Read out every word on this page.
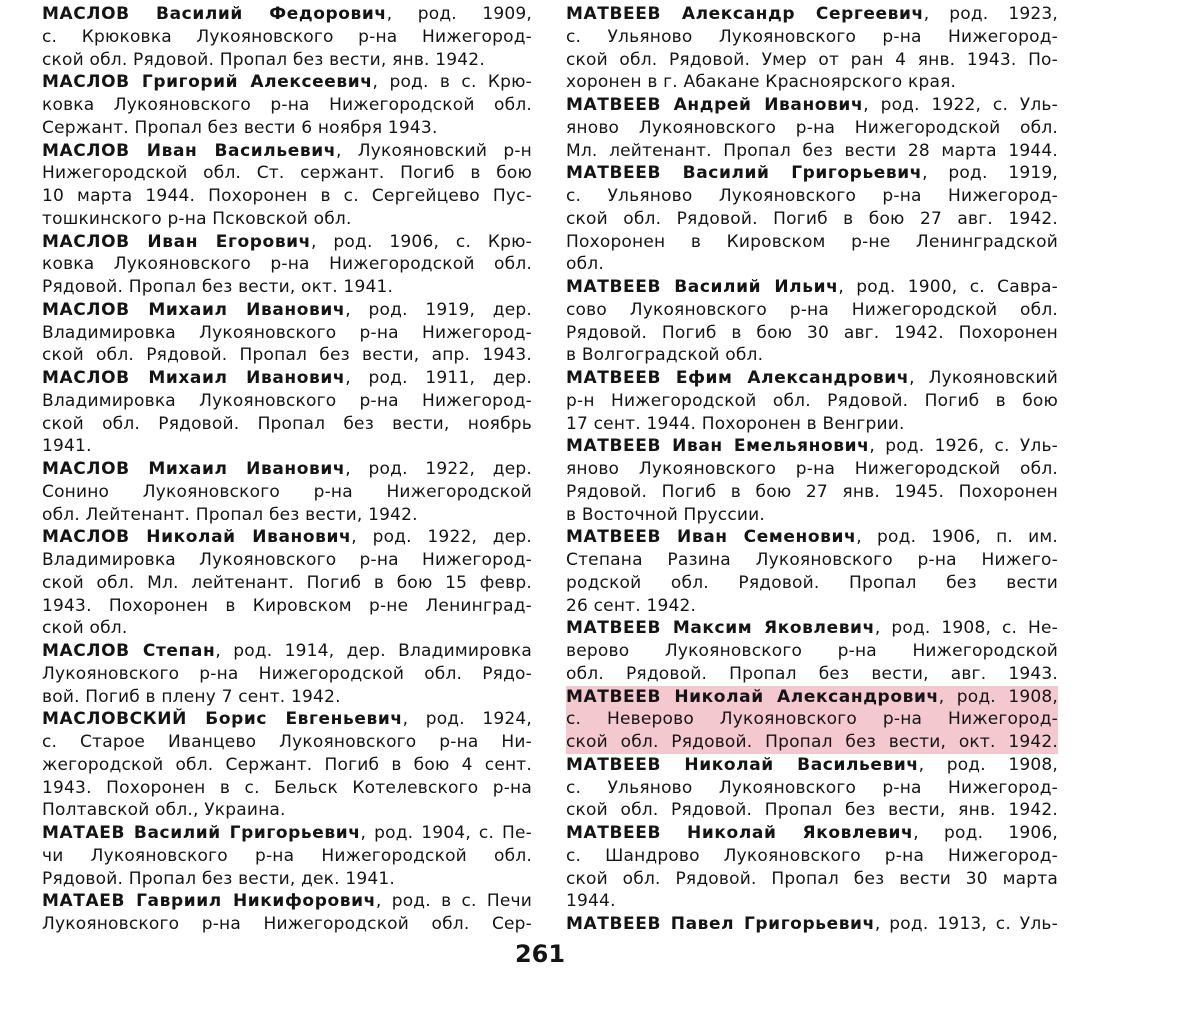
МАСЛОВ Василий Федорович, род. 1909,
с. Крюковка Лукояновского р-на Нижегород-
ской обл. Рядовой. Пропал без вести, янв. 1942.
МАСЛОВ Григорий Алексеевич, род. в с. Крю-
ковка Лукояновского р-на Нижегородской обл.
Сержант. Пропал без вести 6 ноября 1943.
МАСЛОВ Иван Васильевич, Лукояновский р-н
Нижегородской обл. Ст. сержант. Погиб в бою
10 марта 1944. Похоронен в с. Сергейцево Пус-
тошкинского р-на Псковской обл.
МАСЛОВ Иван Егорович, род. 1906, с. Крю-
ковка Лукояновского р-на Нижегородской обл.
Рядовой. Пропал без вести, окт. 1941.
МАСЛОВ Михаил Иванович, род. 1919, дер.
Владимировка Лукояновского р-на Нижегород-
ской обл. Рядовой. Пропал без вести, апр. 1943.
МАСЛОВ Михаил Иванович, род. 1911, дер.
Владимировка Лукояновского р-на Нижегород-
ской обл. Рядовой. Пропал без вести, ноябрь
1941.
МАСЛОВ Михаил Иванович, род. 1922, дер.
Сонино Лукояновского р-на Нижегородской
обл. Лейтенант. Пропал без вести, 1942.
МАСЛОВ Николай Иванович, род. 1922, дер.
Владимировка Лукояновского р-на Нижегород-
ской обл. Мл. лейтенант. Погиб в бою 15 февр.
1943. Похоронен в Кировском р-не Ленинград-
ской обл.
МАСЛОВ Степан, род. 1914, дер. Владимировка
Лукояновского р-на Нижегородской обл. Рядо-
вой. Погиб в плену 7 сент. 1942.
МАСЛОВСКИЙ Борис Евгеньевич, род. 1924,
с. Старое Иванцево Лукояновского р-на Ни-
жегородской обл. Сержант. Погиб в бою 4 сент.
1943. Похоронен в с. Бельск Котелевского р-на
Полтавской обл., Украина.
МАТАЕВ Василий Григорьевич, род. 1904, с. Пе-
чи Лукояновского р-на Нижегородской обл.
Рядовой. Пропал без вести, дек. 1941.
МАТАЕВ Гавриил Никифорович, род. в с. Печи
Лукояновского р-на Нижегородской обл. Сер-
МАТВЕЕВ Александр Сергеевич, род. 1923,
с. Ульяново Лукояновского р-на Нижегород-
ской обл. Рядовой. Умер от ран 4 янв. 1943. По-
хоронен в г. Абакане Красноярского края.
МАТВЕЕВ Андрей Иванович, род. 1922, с. Уль-
яново Лукояновского р-на Нижегородской обл.
Мл. лейтенант. Пропал без вести 28 марта 1944.
МАТВЕЕВ Василий Григорьевич, род. 1919,
с. Ульяново Лукояновского р-на Нижегород-
ской обл. Рядовой. Погиб в бою 27 авг. 1942.
Похоронен в Кировском р-не Ленинградской
обл.
МАТВЕЕВ Василий Ильич, род. 1900, с. Савра-
сово Лукояновского р-на Нижегородской обл.
Рядовой. Погиб в бою 30 авг. 1942. Похоронен
в Волгоградской обл.
МАТВЕЕВ Ефим Александрович, Лукояновский
р-н Нижегородской обл. Рядовой. Погиб в бою
17 сент. 1944. Похоронен в Венгрии.
МАТВЕЕВ Иван Емельянович, род. 1926, с. Уль-
яново Лукояновского р-на Нижегородской обл.
Рядовой. Погиб в бою 27 янв. 1945. Похоронен
в Восточной Пруссии.
МАТВЕЕВ Иван Семенович, род. 1906, п. им.
Степана Разина Лукояновского р-на Нижего-
родской обл. Рядовой. Пропал без вести
26 сент. 1942.
МАТВЕЕВ Максим Яковлевич, род. 1908, с. Не-
верово Лукояновского р-на Нижегородской
обл. Рядовой. Пропал без вести, авг. 1943.
МАТВЕЕВ Николай Александрович, род. 1908,
с. Неверово Лукояновского р-на Нижегород-
ской обл. Рядовой. Пропал без вести, окт. 1942.
МАТВЕЕВ Николай Васильевич, род. 1908,
с. Ульяново Лукояновского р-на Нижегород-
ской обл. Рядовой. Пропал без вести, янв. 1942.
МАТВЕЕВ Николай Яковлевич, род. 1906,
с. Шандрово Лукояновского р-на Нижегород-
ской обл. Рядовой. Пропал без вести 30 марта
1944.
МАТВЕЕВ Павел Григорьевич, род. 1913, с. Уль-
261
